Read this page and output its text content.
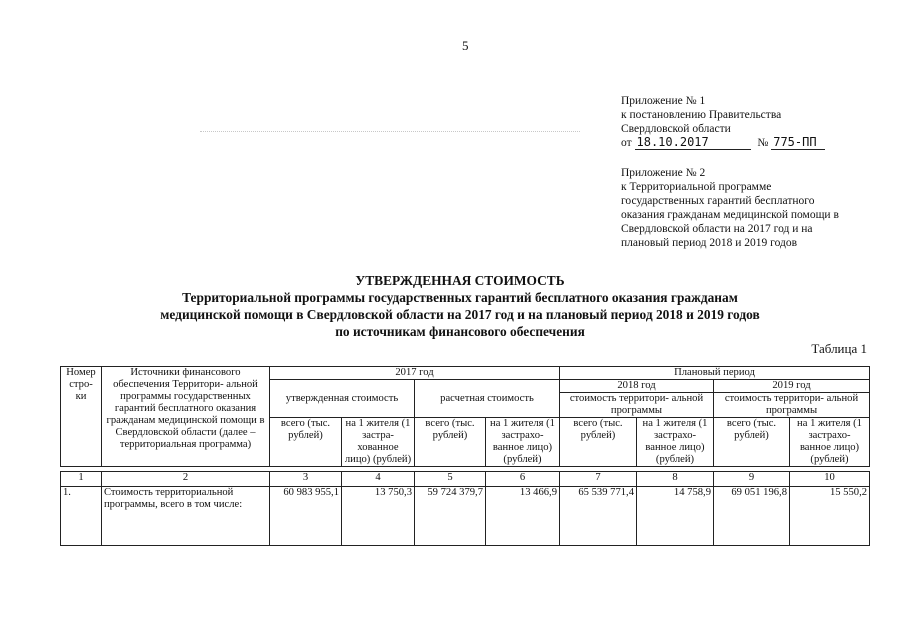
5
Приложение № 1
к постановлению Правительства
Свердловской области
от 18.10.2017	№ 775-ПП
Приложение № 2
к Территориальной программе
государственных гарантий бесплатного
оказания гражданам медицинской помощи в
Свердловской области на 2017 год и на
плановый период 2018 и 2019 годов
УТВЕРЖДЕННАЯ СТОИМОСТЬ
Территориальной программы государственных гарантий бесплатного оказания гражданам
медицинской помощи в Свердловской области на 2017 год и на плановый период 2018 и 2019 годов
по источникам финансового обеспечения
Таблица 1
Номер стро- ки	Источники финансового обеспечения Территори- альной программы государственных гарантий бесплатного оказания гражданам медицинской помощи в Свердловской области (далее – территориальная программа)	2017 год				Плановый период			
		утвержденная стоимость		расчетная стоимость		2018 год		2019 год	
						стоимость территори- альной программы		стоимость территори- альной программы	
		всего (тыс. рублей)	на 1 жителя (1 застра- хованное лицо) (рублей)	всего (тыс. рублей)	на 1 жителя (1 застрахо- ванное лицо) (рублей)	всего (тыс. рублей)	на 1 жителя (1 застрахо- ванное лицо) (рублей)	всего (тыс. рублей)	на 1 жителя (1 застрахо- ванное лицо) (рублей)

1	2	3	4	5	6	7	8	9	10
1.	Стоимость территориальной программы, всего в том числе:	60 983 955,1	13 750,3	59 724 379,7	13 466,9	65 539 771,4	14 758,9	69 051 196,8	15 550,2
